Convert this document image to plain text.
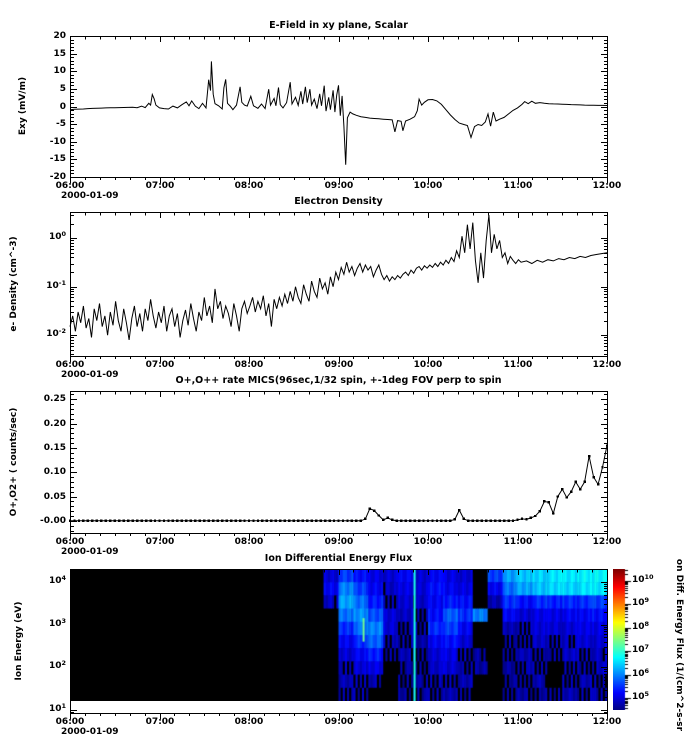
E-Field in xy plane, Scalar
Electron Density
O+,O++ rate MICS(96sec,1/32 spin, +-1deg FOV perp to spin
Ion Differential Energy Flux
Exy (mV/m)
e- Density (cm^-3)
O+,O2+ ( counts/sec)
Ion Energy (eV)	on Diff. Energy Flux (1/(cm^2-s-sr
06:00	07:00	08:00	09:00	10:00	11:00	12:00
2000-01-09
06:00	07:00	08:00	09:00	10:00	11:00	12:00
2000-01-09
06:00	07:00	08:00	09:00	10:00	11:00	12:00
2000-01-09
06:00	07:00	08:00	09:00	10:00	11:00	12:00
2000-01-09
-20
-15
-10
-5
0
5
10
15
20
$10^0$
$10^{-1}$
$10^{-2}$
-0.00
0.05
0.10
0.15
0.20
0.25
$10^4$
$10^3$
$10^2$
$10^1$
$10^{10}$
$10^9$
$10^8$
$10^7$
$10^6$
$10^5$
